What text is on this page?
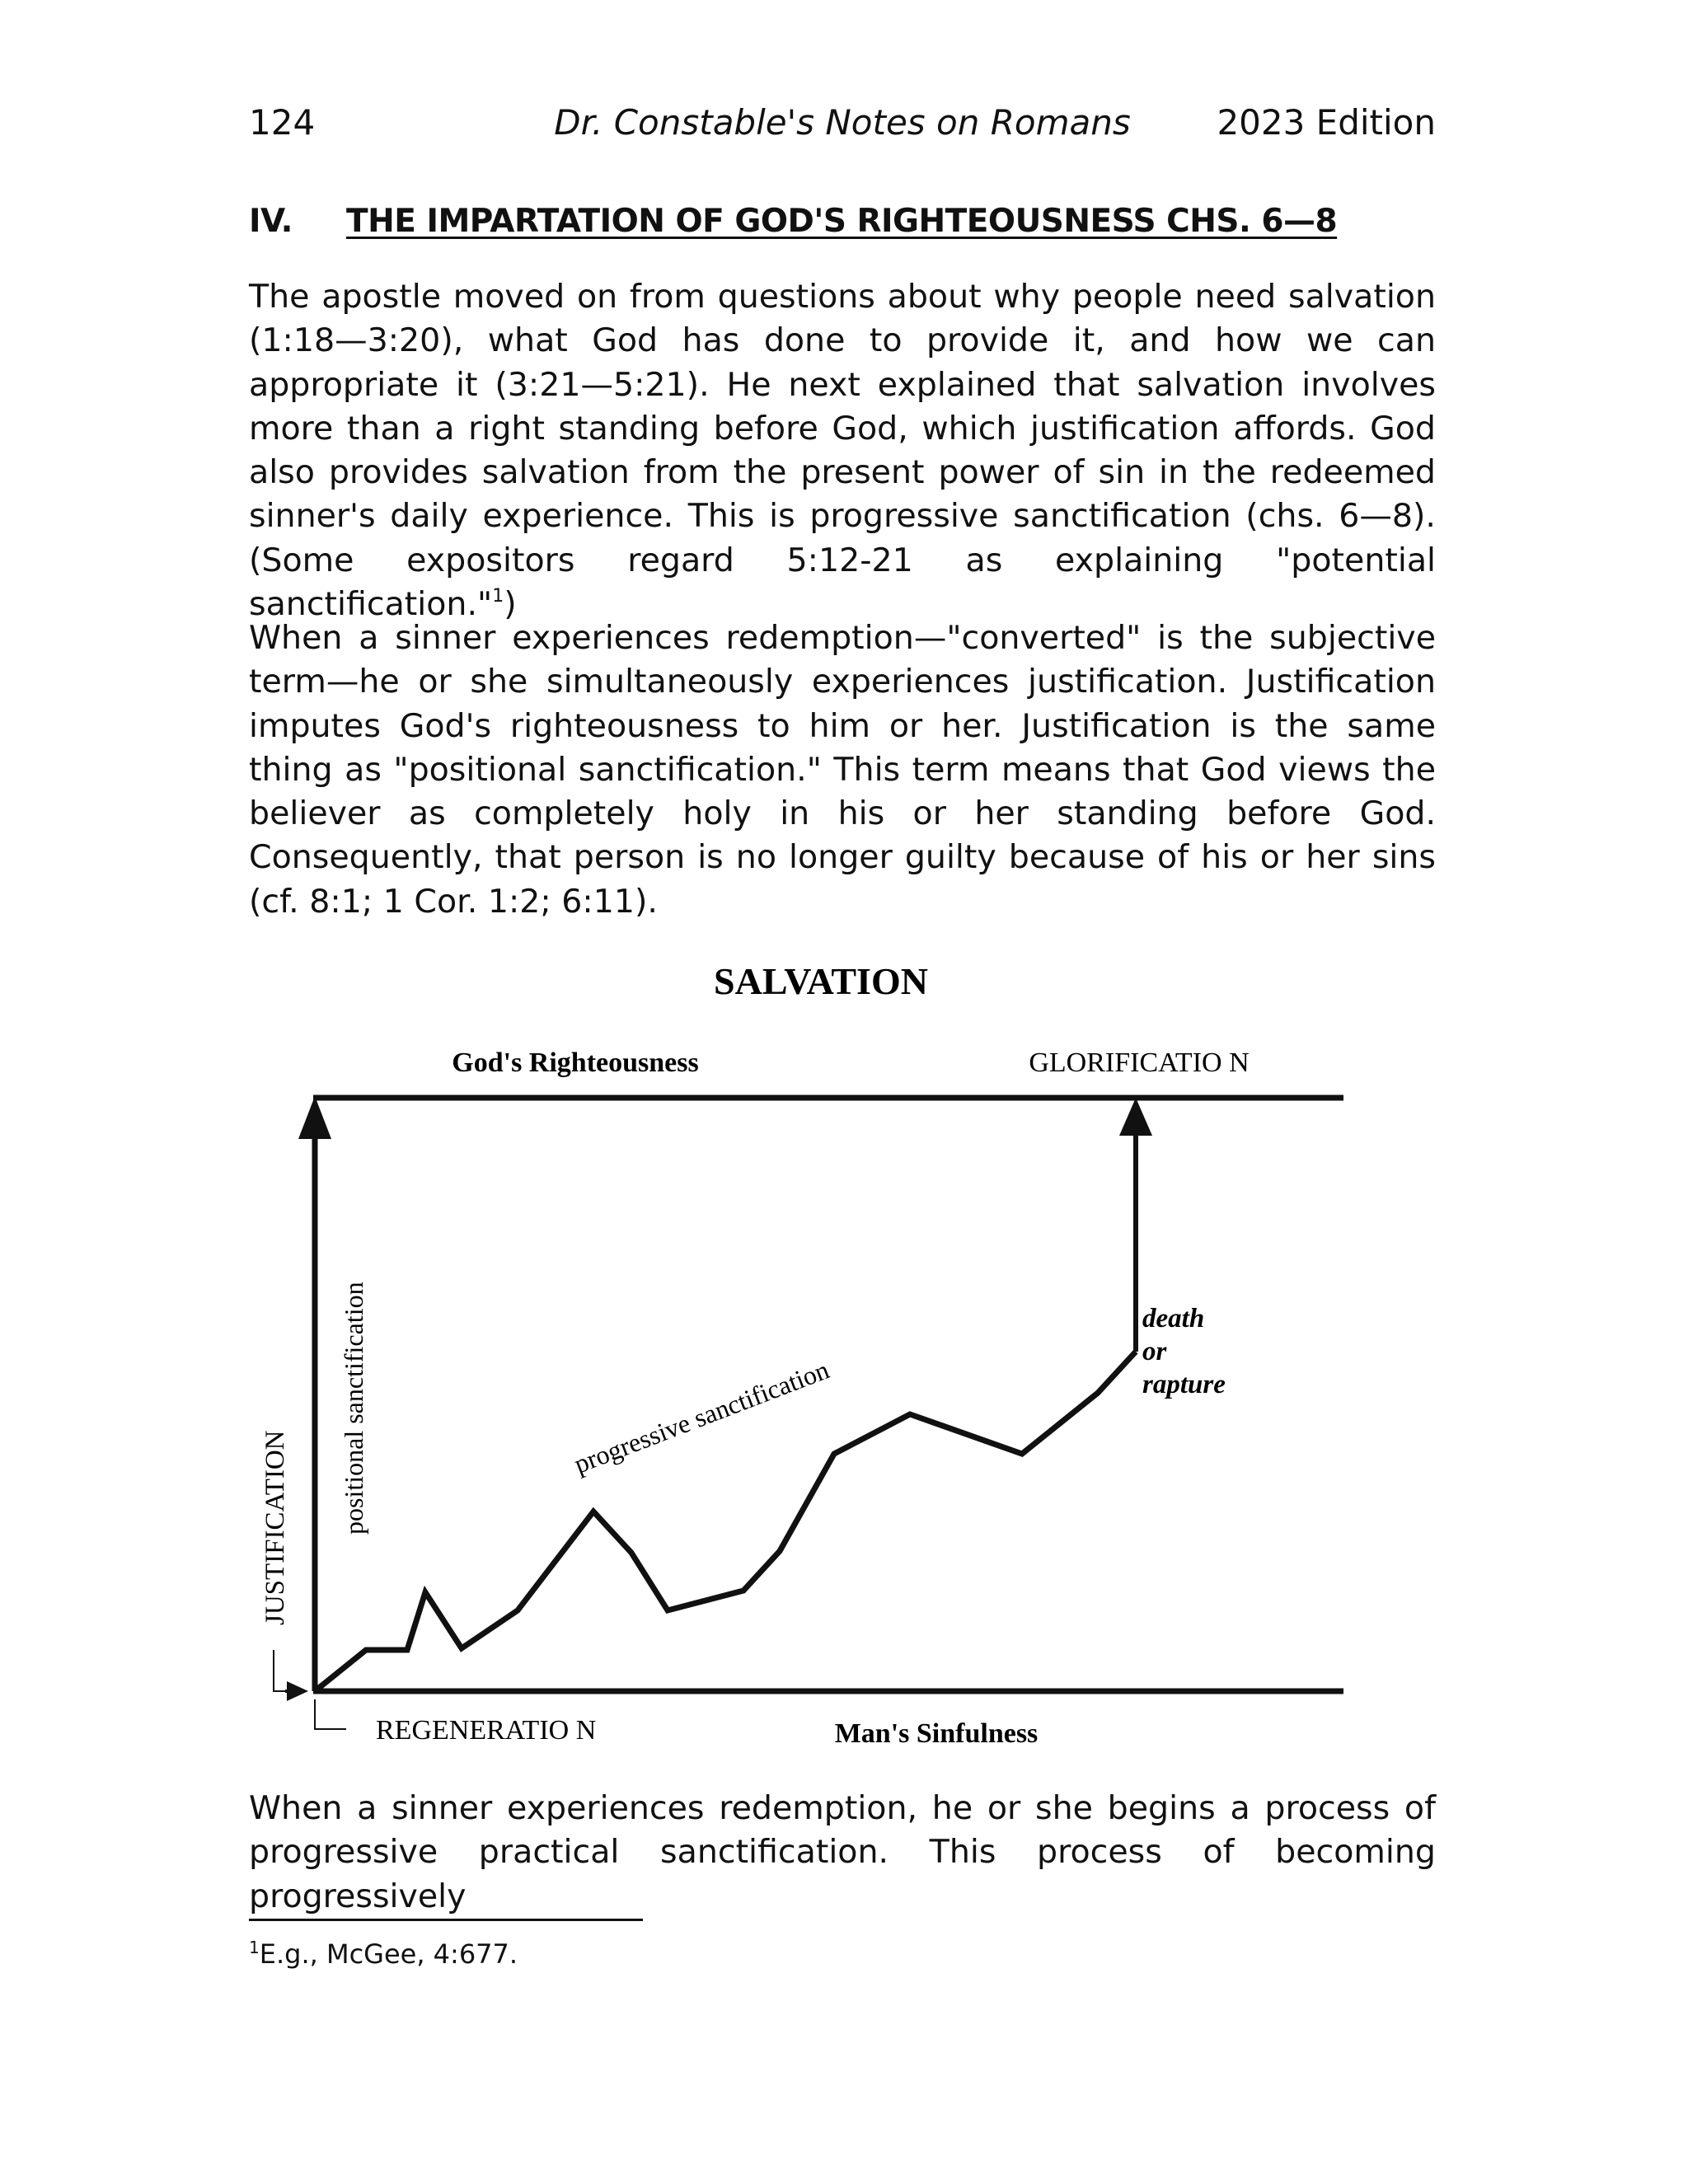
124	Dr. Constable's Notes on Romans	2023 Edition
IV. THE IMPARTATION OF GOD'S RIGHTEOUSNESS CHS. 6—8
The apostle moved on from questions about why people need salvation (1:18—3:20), what God has done to provide it, and how we can appropriate it (3:21—5:21). He next explained that salvation involves more than a right standing before God, which justification affords. God also provides salvation from the present power of sin in the redeemed sinner's daily experience. This is progressive sanctification (chs. 6—8). (Some expositors regard 5:12-21 as explaining "potential sanctification."$^1$)
When a sinner experiences redemption—"converted" is the subjective term—he or she simultaneously experiences justification. Justification imputes God's righteousness to him or her. Justification is the same thing as "positional sanctification." This term means that God views the believer as completely holy in his or her standing before God. Consequently, that person is no longer guilty because of his or her sins (cf. 8:1; 1 Cor. 1:2; 6:11).
SALVATION
God's Righteousness	GLORIFICATIO N
REGENERATIO N	Man's Sinfulness
JUSTIFICATION positional sanctification	progressive sanctification
death
or
rapture
When a sinner experiences redemption, he or she begins a process of progressive practical sanctification. This process of becoming progressively
$^1$E.g., McGee, 4:677.
